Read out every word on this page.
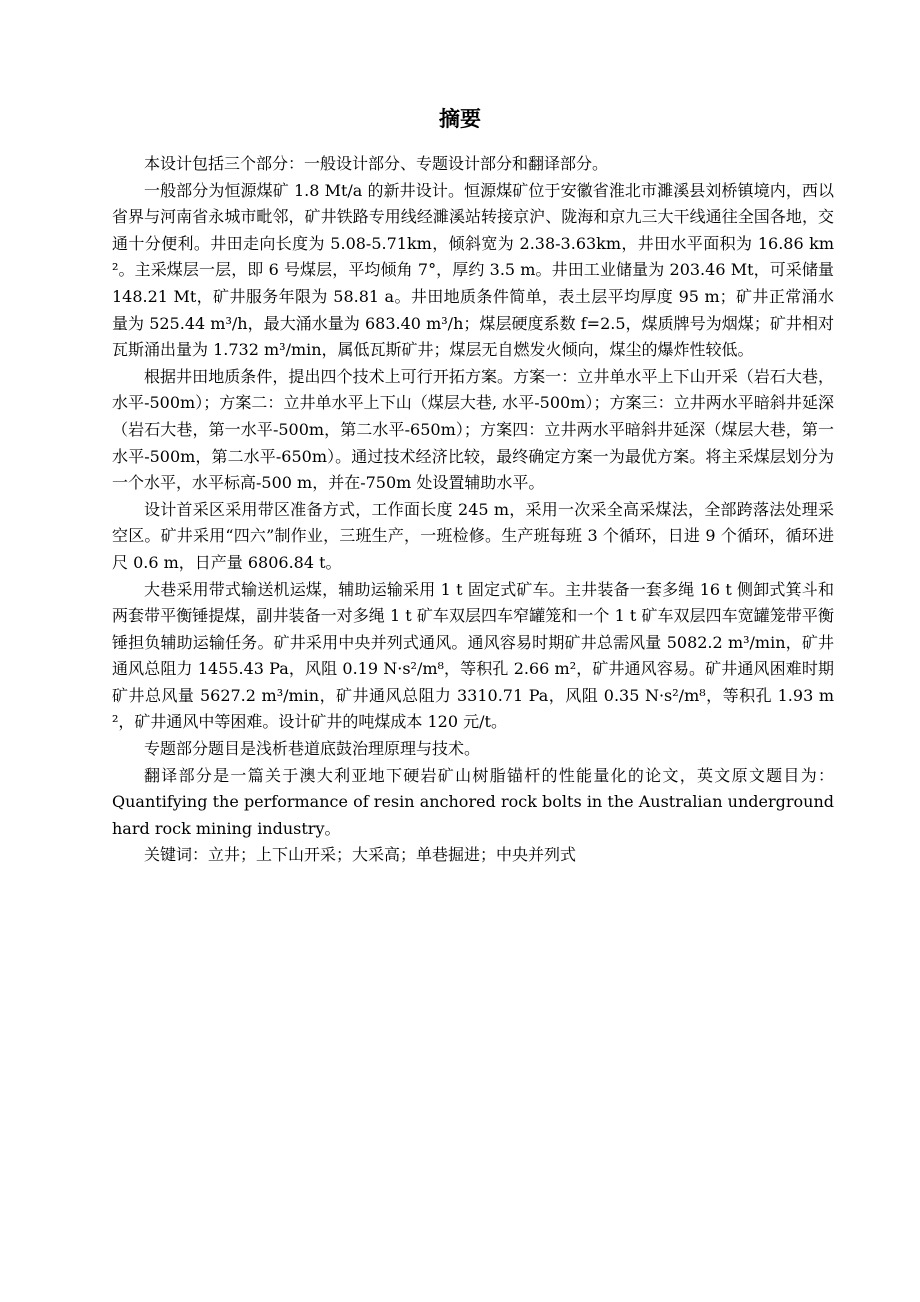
摘要

本设计包括三个部分：一般设计部分、专题设计部分和翻译部分。

一般部分为恒源煤矿 1.8 Mt/a 的新井设计。恒源煤矿位于安徽省淮北市濉溪县刘桥镇境内，西以省界与河南省永城市毗邻，矿井铁路专用线经濉溪站转接京沪、陇海和京九三大干线通往全国各地，交通十分便利。井田走向长度为 5.08-5.71km，倾斜宽为 2.38-3.63km，井田水平面积为 16.86 km²。主采煤层一层，即 6 号煤层，平均倾角 7°，厚约 3.5 m。井田工业储量为 203.46 Mt，可采储量 148.21 Mt，矿井服务年限为 58.81 a。井田地质条件简单，表土层平均厚度 95 m；矿井正常涌水量为 525.44 m³/h，最大涌水量为 683.40 m³/h；煤层硬度系数 f=2.5，煤质牌号为烟煤；矿井相对瓦斯涌出量为 1.732 m³/min，属低瓦斯矿井；煤层无自燃发火倾向，煤尘的爆炸性较低。

根据井田地质条件，提出四个技术上可行开拓方案。方案一：立井单水平上下山开采（岩石大巷，水平-500m）；方案二：立井单水平上下山（煤层大巷, 水平-500m）；方案三：立井两水平暗斜井延深（岩石大巷，第一水平-500m，第二水平-650m）；方案四：立井两水平暗斜井延深（煤层大巷，第一水平-500m，第二水平-650m）。通过技术经济比较，最终确定方案一为最优方案。将主采煤层划分为一个水平，水平标高-500 m，并在-750m 处设置辅助水平。

设计首采区采用带区准备方式，工作面长度 245 m，采用一次采全高采煤法，全部跨落法处理采空区。矿井采用“四六”制作业，三班生产，一班检修。生产班每班 3 个循环，日进 9 个循环，循环进尺 0.6 m，日产量 6806.84 t。

大巷采用带式输送机运煤，辅助运输采用 1 t 固定式矿车。主井装备一套多绳 16 t 侧卸式箕斗和两套带平衡锤提煤，副井装备一对多绳 1 t 矿车双层四车窄罐笼和一个 1 t 矿车双层四车宽罐笼带平衡锤担负辅助运输任务。矿井采用中央并列式通风。通风容易时期矿井总需风量 5082.2 m³/min，矿井通风总阻力 1455.43 Pa，风阻 0.19 N·s²/m⁸，等积孔 2.66 m²，矿井通风容易。矿井通风困难时期矿井总风量 5627.2 m³/min，矿井通风总阻力 3310.71 Pa，风阻 0.35 N·s²/m⁸，等积孔 1.93 m²，矿井通风中等困难。设计矿井的吨煤成本 120 元/t。

专题部分题目是浅析巷道底鼓治理原理与技术。

翻译部分是一篇关于澳大利亚地下硬岩矿山树脂锚杆的性能量化的论文，英文原文题目为：Quantifying the performance of resin anchored rock bolts in the Australian underground hard rock mining industry。

关键词：立井；上下山开采；大采高；单巷掘进；中央并列式
